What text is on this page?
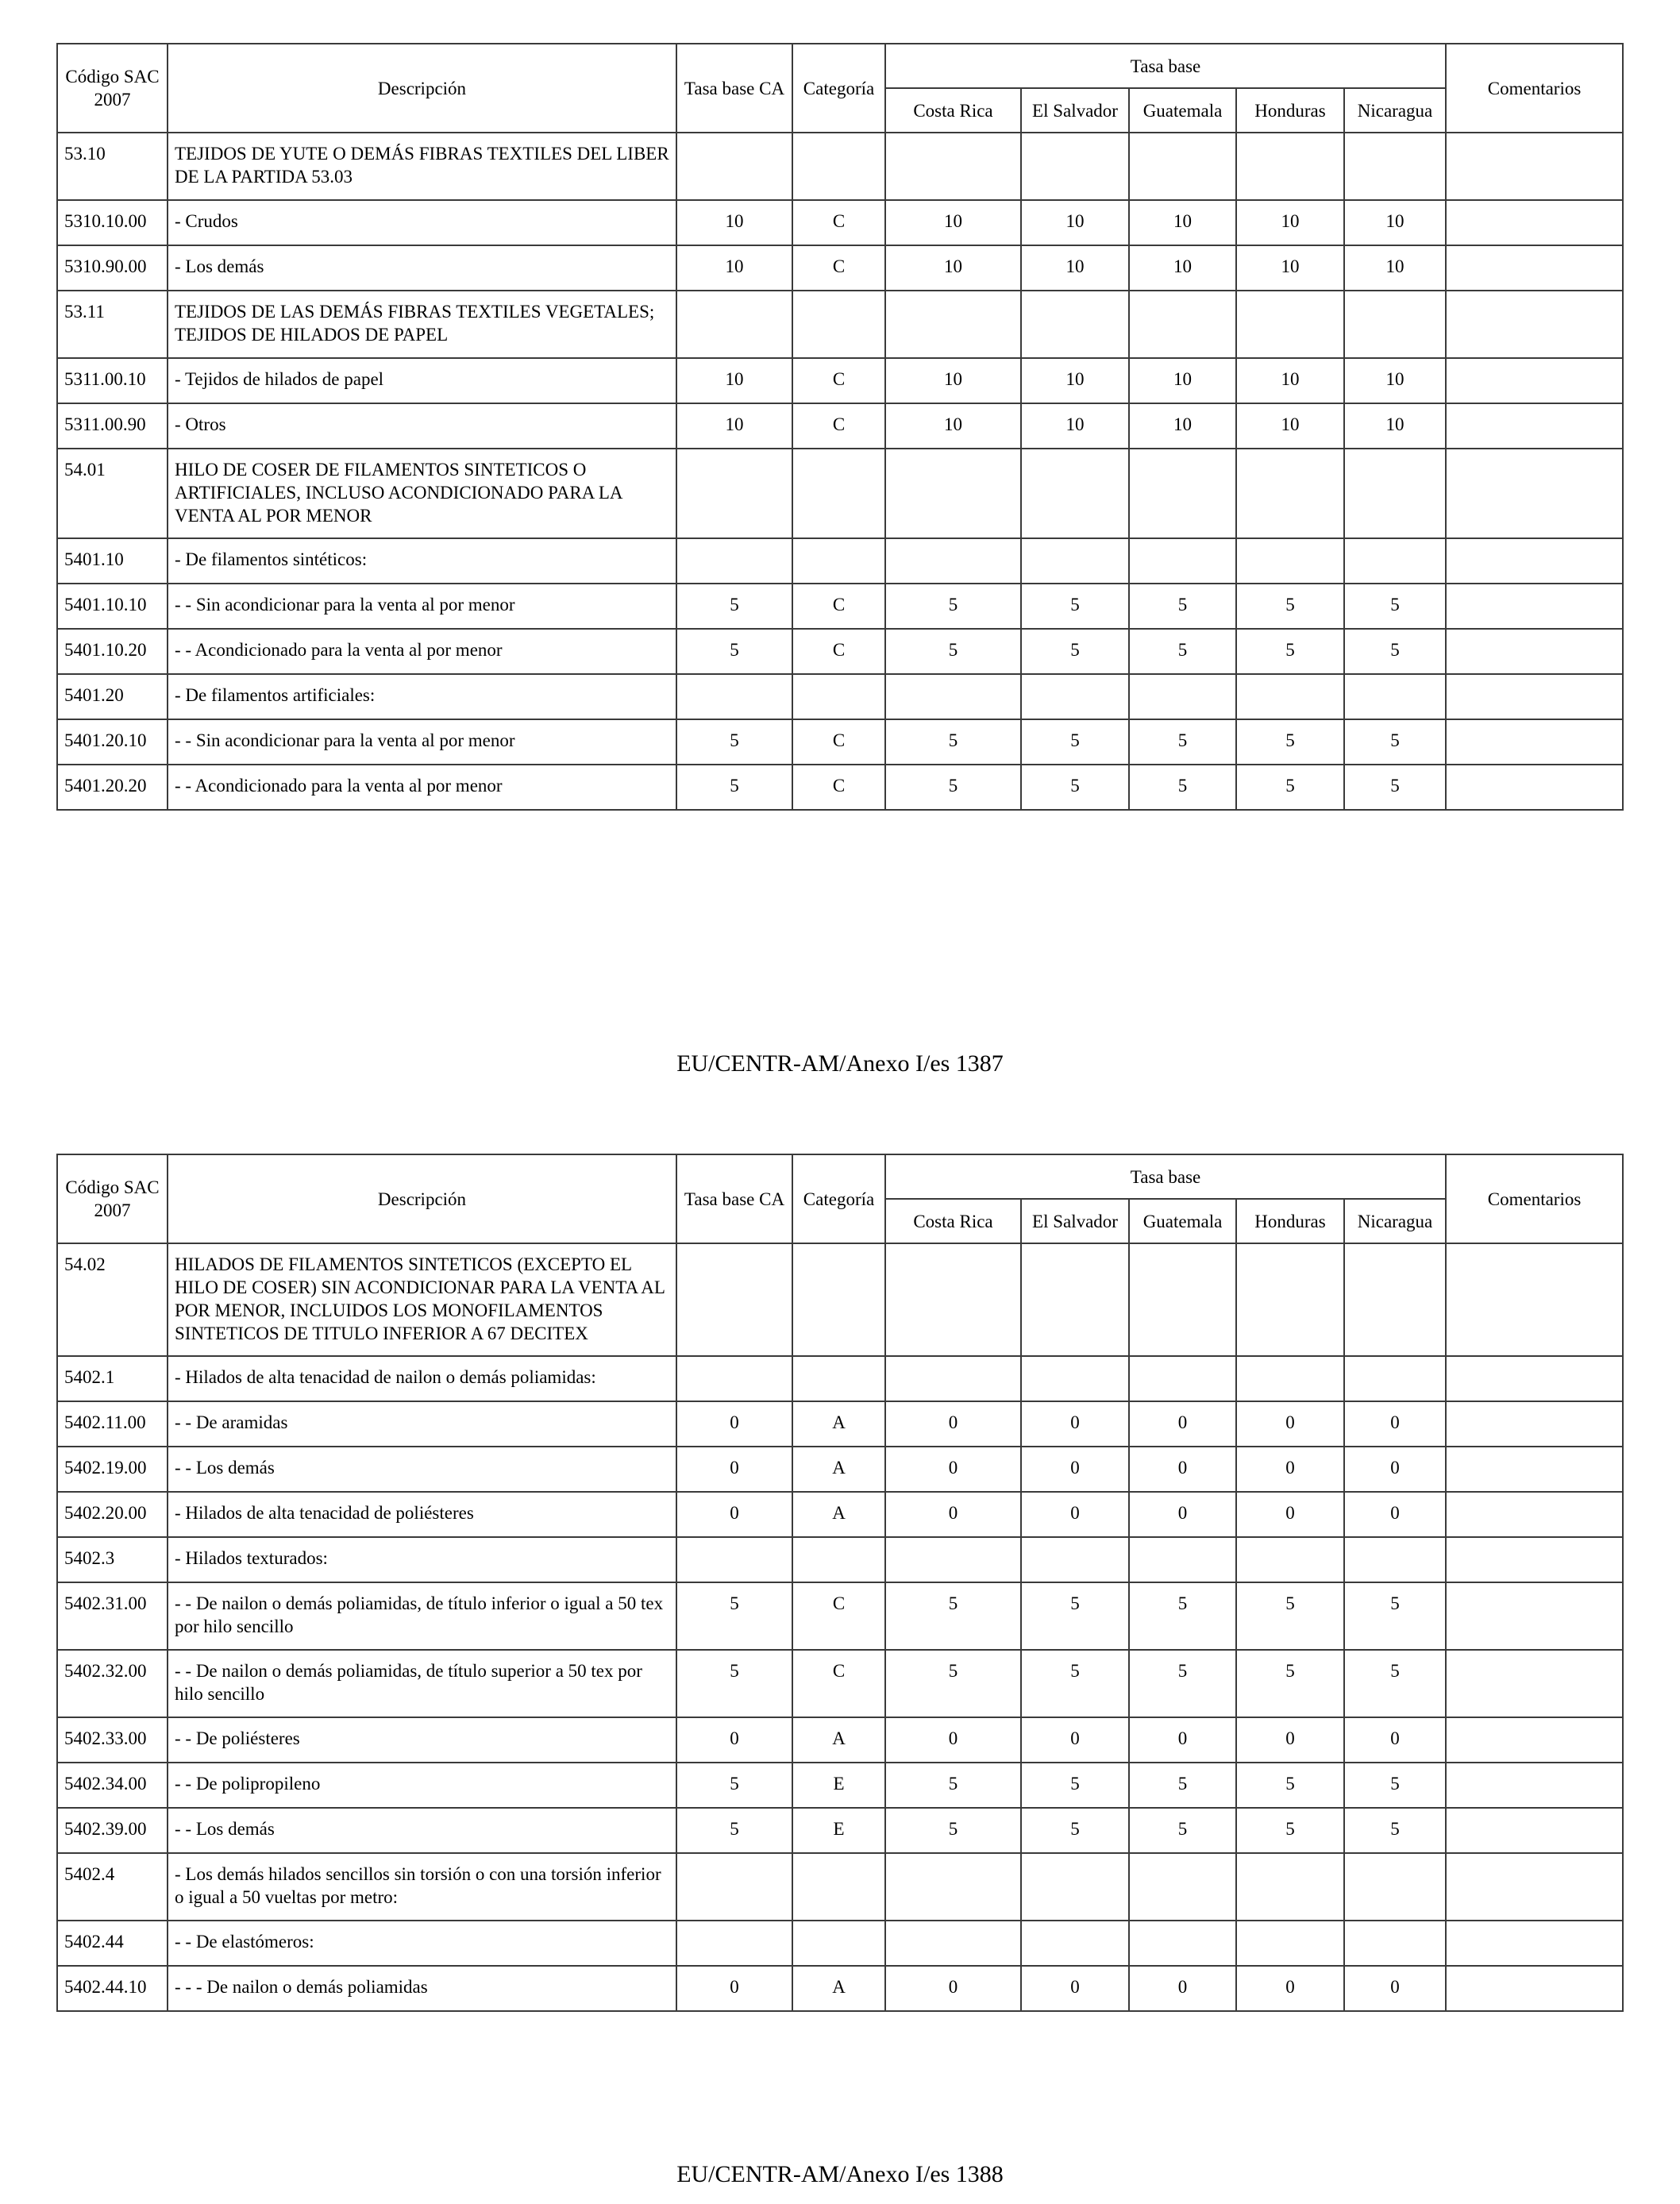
Código SAC 2007	Descripción	Tasa base CA	Categoría	Tasa base					Comentarios
				Costa Rica	El Salvador	Guatemala	Honduras	Nicaragua	
53.10	TEJIDOS DE YUTE O DEMÁS FIBRAS TEXTILES DEL LIBER DE LA PARTIDA 53.03								
5310.10.00	- Crudos	10	C	10	10	10	10	10	
5310.90.00	- Los demás	10	C	10	10	10	10	10	
53.11	TEJIDOS DE LAS DEMÁS FIBRAS TEXTILES VEGETALES; TEJIDOS DE HILADOS DE PAPEL								
5311.00.10	- Tejidos de hilados de papel	10	C	10	10	10	10	10	
5311.00.90	- Otros	10	C	10	10	10	10	10	
54.01	HILO DE COSER DE FILAMENTOS SINTETICOS O ARTIFICIALES, INCLUSO ACONDICIONADO PARA LA VENTA AL POR MENOR								
5401.10	- De filamentos sintéticos:								
5401.10.10	- - Sin acondicionar para la venta al por menor	5	C	5	5	5	5	5	
5401.10.20	- - Acondicionado para la venta al por menor	5	C	5	5	5	5	5	
5401.20	- De filamentos artificiales:								
5401.20.10	- - Sin acondicionar para la venta al por menor	5	C	5	5	5	5	5	
5401.20.20	- - Acondicionado para la venta al por menor	5	C	5	5	5	5	5	
EU/CENTR-AM/Anexo I/es 1387
Código SAC 2007	Descripción	Tasa base CA	Categoría	Tasa base					Comentarios
				Costa Rica	El Salvador	Guatemala	Honduras	Nicaragua	
54.02	HILADOS DE FILAMENTOS SINTETICOS (EXCEPTO EL HILO DE COSER) SIN ACONDICIONAR PARA LA VENTA AL POR MENOR, INCLUIDOS LOS MONOFILAMENTOS SINTETICOS DE TITULO INFERIOR A 67 DECITEX								
5402.1	- Hilados de alta tenacidad de nailon o demás poliamidas:								
5402.11.00	- - De aramidas	0	A	0	0	0	0	0	
5402.19.00	- - Los demás	0	A	0	0	0	0	0	
5402.20.00	- Hilados de alta tenacidad de poliésteres	0	A	0	0	0	0	0	
5402.3	- Hilados texturados:								
5402.31.00	- - De nailon o demás poliamidas, de título inferior o igual a 50 tex por hilo sencillo	5	C	5	5	5	5	5	
5402.32.00	- - De nailon o demás poliamidas, de título superior a 50 tex por hilo sencillo	5	C	5	5	5	5	5	
5402.33.00	- - De poliésteres	0	A	0	0	0	0	0	
5402.34.00	- - De polipropileno	5	E	5	5	5	5	5	
5402.39.00	- - Los demás	5	E	5	5	5	5	5	
5402.4	- Los demás hilados sencillos sin torsión o con una torsión inferior o igual a 50 vueltas por metro:								
5402.44	- - De elastómeros:								
5402.44.10	- - - De nailon o demás poliamidas	0	A	0	0	0	0	0	
EU/CENTR-AM/Anexo I/es 1388
